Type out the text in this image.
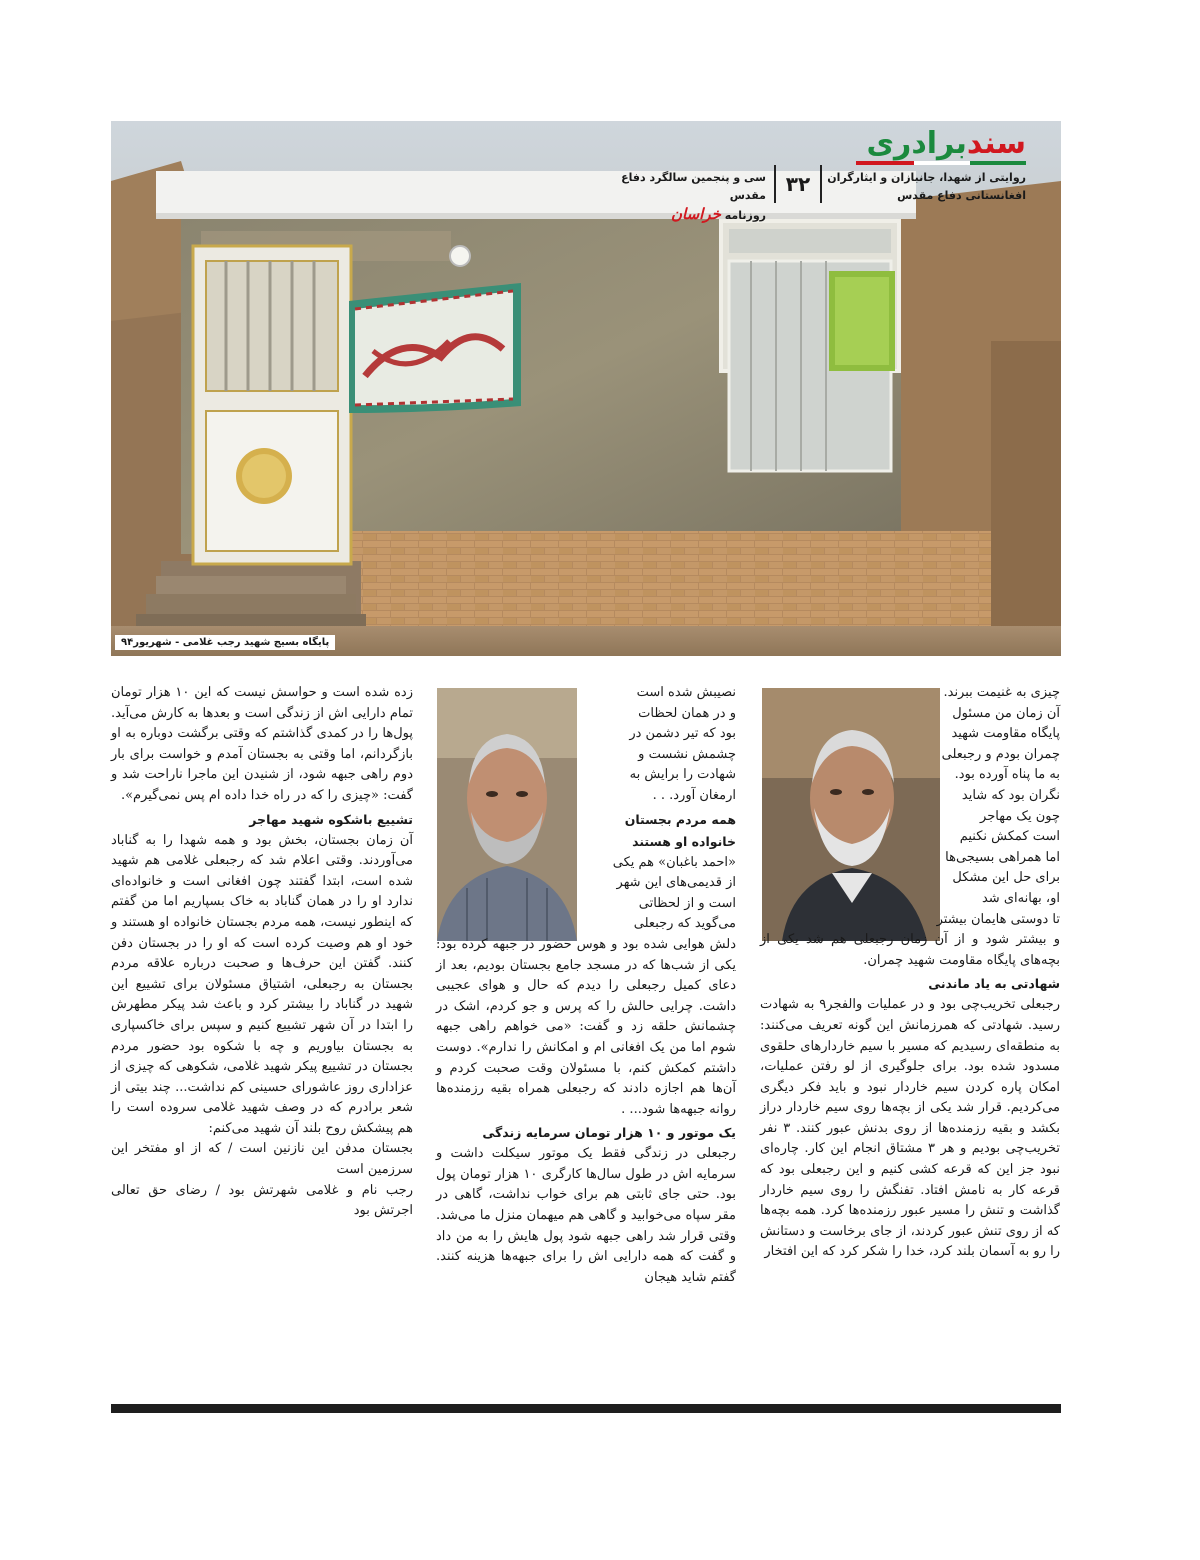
سندبرادری
روایتی از شهدا، جانبازان و ایثارگران
افغانستانی دفاع مقدس
۳۲
سی و پنجمین سالگرد دفاع مقدس
روزنامه خراسان
پایگاه بسیج شهید رجب غلامی - شهریور۹۴
چیزی به غنیمت ببرند.
آن زمان من مسئول
پایگاه مقاومت شهید
چمران بودم و رجبعلی
به ما پناه آورده بود.
نگران بود که شاید
چون یک مهاجر
است کمکش نکنیم
اما همراهی بسیجی‌ها
برای حل این مشکل
او، بهانه‌ای شد
تا دوستی هایمان بیشتر

و بیشتر شود و از آن زمان رجبعلی هم شد یکی از بچه‌های پایگاه مقاومت شهید چمران.

شهادتی به یاد ماندنی

رجبعلی تخریب‌چی بود و در عملیات والفجر۹ به شهادت رسید. شهادتی که همرزمانش این گونه تعریف می‌کنند: به منطقه‌ای رسیدیم که مسیر با سیم خاردارهای حلقوی مسدود شده بود. برای جلوگیری از لو رفتن عملیات، امکان پاره کردن سیم خاردار نبود و باید فکر دیگری می‌کردیم. قرار شد یکی از بچه‌ها روی سیم خاردار دراز بکشد و بقیه رزمنده‌ها از روی بدنش عبور کنند. ۳ نفر تخریب‌چی بودیم و هر ۳ مشتاق انجام این کار. چاره‌ای نبود جز این که قرعه کشی کنیم و این رجبعلی بود که قرعه کار به نامش افتاد. تفنگش را روی سیم خاردار گذاشت و تنش را مسیر عبور رزمنده‌ها کرد. همه بچه‌ها که از روی تنش عبور کردند، از جای برخاست و دستانش را رو به آسمان بلند کرد، خدا را شکر کرد که این افتخار

نصیبش شده است
و در همان لحظات
بود که تیر دشمن در
چشمش نشست و
شهادت را برایش به
ارمغان آورد. . .
همه مردم بجستان
خانواده او هستند
«احمد باغبان» هم یکی
از قدیمی‌های این شهر
است و از لحظاتی
می‌گوید که رجبعلی

دلش هوایی شده بود و هوس حضور در جبهه کرده بود: یکی از شب‌ها که در مسجد جامع بجستان بودیم، بعد از دعای کمیل رجبعلی را دیدم که حال و هوای عجیبی داشت. چرایی حالش را که پرس و جو کردم، اشک در چشمانش حلقه زد و گفت: «می خواهم راهی جبهه شوم اما من یک افغانی ام و امکانش را ندارم». دوست داشتم کمکش کنم، با مسئولان وقت صحبت کردم و آن‌ها هم اجازه دادند که رجبعلی همراه بقیه رزمنده‌ها روانه جبهه‌ها شود... .

یک موتور و ۱۰ هزار تومان سرمایه زندگی

رجبعلی در زندگی فقط یک موتور سیکلت داشت و سرمایه اش در طول سال‌ها کارگری ۱۰ هزار تومان پول بود. حتی جای ثابتی هم برای خواب نداشت، گاهی در مقر سپاه می‌خوابید و گاهی هم میهمان منزل ما می‌شد. وقتی قرار شد راهی جبهه شود پول هایش را به من داد و گفت که همه دارایی اش را برای جبهه‌ها هزینه کنند. گفتم شاید هیجان

زده شده است و حواسش نیست که این ۱۰ هزار تومان تمام دارایی اش از زندگی است و بعدها به کارش می‌آید. پول‌ها را در کمدی گذاشتم که وقتی برگشت دوباره به او بازگردانم، اما وقتی به بجستان آمدم و خواست برای بار دوم راهی جبهه شود، از شنیدن این ماجرا ناراحت شد و گفت: «چیزی را که در راه خدا داده ام پس نمی‌گیرم».

تشییع باشکوه شهید مهاجر

آن زمان بجستان، بخش بود و همه شهدا را به گناباد می‌آوردند. وقتی اعلام شد که رجبعلی غلامی هم شهید شده است، ابتدا گفتند چون افغانی است و خانواده‌ای ندارد او را در همان گناباد به خاک بسپاریم اما من گفتم که اینطور نیست، همه مردم بجستان خانواده او هستند و خود او هم وصیت کرده است که او را در بجستان دفن کنند. گفتن این حرف‌ها و صحبت درباره علاقه مردم بجستان به رجبعلی، اشتیاق مسئولان برای تشییع این شهید در گناباد را بیشتر کرد و باعث شد پیکر مطهرش را ابتدا در آن شهر تشییع کنیم و سپس برای خاکسپاری به بجستان بیاوریم و چه با شکوه بود حضور مردم بجستان در تشییع پیکر شهید غلامی، شکوهی که چیزی از عزاداری روز عاشورای حسینی کم نداشت... چند بیتی از شعر برادرم که در وصف شهید غلامی سروده است را هم پیشکش روح بلند آن شهید می‌کنم:

بجستان مدفن این نازنین است / که از او مفتخر این سرزمین است

رجب نام و غلامی شهرتش بود / رضای حق تعالی اجرتش بود
